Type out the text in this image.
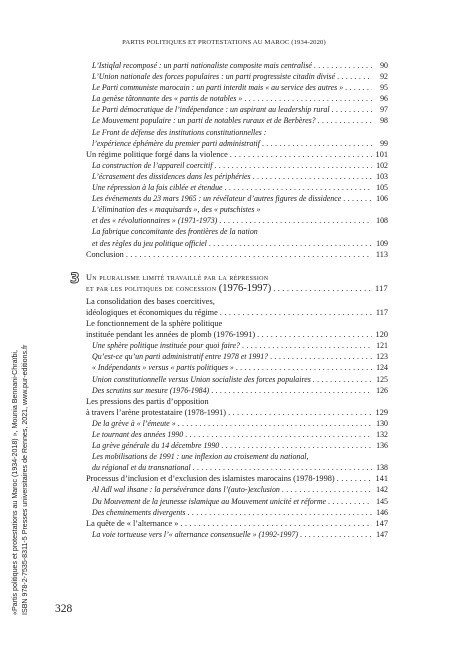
PARTIS POLITIQUES ET PROTESTATIONS AU MAROC (1934-2020)
L’Istiqlal recomposé : un parti nationaliste composite mais centralisé . . .	90
L’Union nationale des forces populaires : un parti progressiste citadin divisé . . .	92
Le Parti communiste marocain : un parti interdit mais « au service des autres » . . .	95
La genèse tâtonnante des « partis de notables » . . .	96
Le Parti démocratique de l’indépendance : un aspirant au leadership rural . . .	97
Le Mouvement populaire : un parti de notables ruraux et de Berbères? . . .	98
Le Front de défense des institutions constitutionnelles :
l’expérience éphémère du premier parti administratif . . .	99
Un régime politique forgé dans la violence . . .	101
La construction de l’appareil coercitif . . .	102
L’écrasement des dissidences dans les périphéries . . .	103
Une répression à la fois ciblée et étendue . . .	105
Les événements du 23 mars 1965 : un révélateur d’autres figures de dissidence . . .	106
L’élimination des « maquisards », des « putschistes »
et des « révolutionnaires » (1971-1973) . . .	108
La fabrique concomitante des frontières de la nation
et des règles du jeu politique officiel . . .	109
Conclusion . . .	113
3 Un pluralisme limité travaillé par la répression
et par les politiques de concession (1976-1997) . . .	117
La consolidation des bases coercitives,
idéologiques et économiques du régime . . .	117
Le fonctionnement de la sphère politique
instituée pendant les années de plomb (1976-1991) . . .	120
Une sphère politique instituée pour quoi faire? . . .	121
Qu’est-ce qu’un parti administratif entre 1978 et 1991? . . .	123
« Indépendants » versus « partis politiques » . . .	124
Union constitutionnelle versus Union socialiste des forces populaires . . .	125
Des scrutins sur mesure (1976-1984) . . .	126
Les pressions des partis d’opposition
à travers l’arène protestataire (1978-1991) . . .	129
De la grève à « l’émeute » . . .	130
Le tournant des années 1990 . . .	132
La grève générale du 14 décembre 1990 . . .	136
Les mobilisations de 1991 : une inflexion au croisement du national,
du régional et du transnational . . .	138
Processus d’inclusion et d’exclusion des islamistes marocains (1978-1998) . . .	141
Al Adl wal ihsane : la persévérance dans l’(auto-)exclusion . . .	142
Du Mouvement de la jeunesse islamique au Mouvement unicité et réforme . . .	145
Des cheminements divergents . . .	146
La quête de « l’alternance » . . .	147
La voie tortueuse vers l’« alternance consensuelle » (1992-1997) . . .	147
«Partis politiques et protestations au Maroc (1934-2018) », Mounia Bennani-Chraïbi, ISBN 978-2-7535-8311-5 Presses universitaires de Rennes, 2021, www.pur-editions.fr 328
